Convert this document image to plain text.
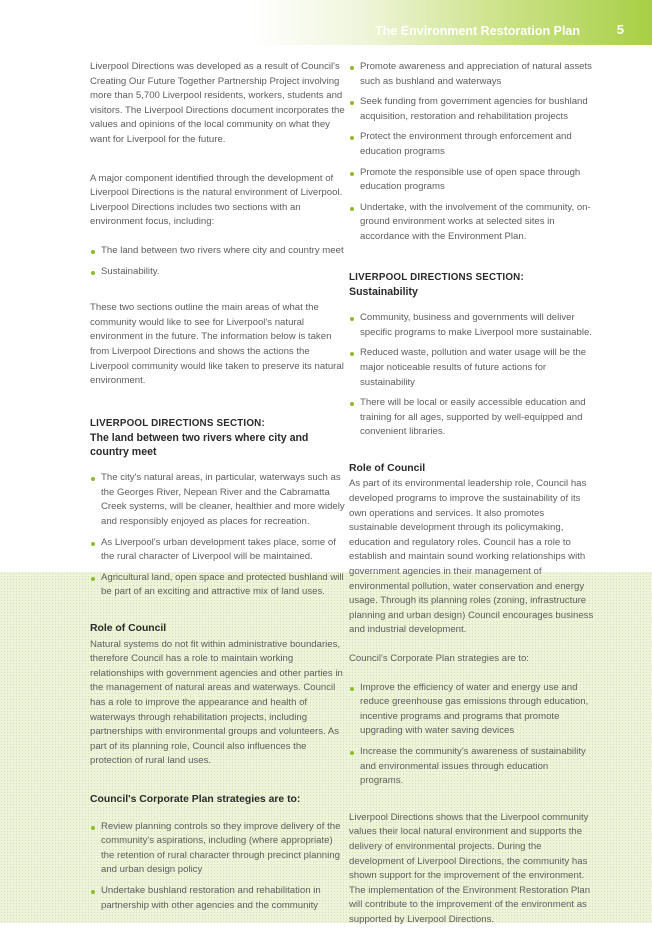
The Environment Restoration Plan	5

Liverpool Directions was developed as a result of Council's Creating Our Future Together Partnership Project involving more than 5,700 Liverpool residents, workers, students and visitors. The Liverpool Directions document incorporates the values and opinions of the local community on what they want for Liverpool for the future.

A major component identified through the development of Liverpool Directions is the natural environment of Liverpool. Liverpool Directions includes two sections with an environment focus, including:

The land between two rivers where city and country meet
Sustainability.

These two sections outline the main areas of what the community would like to see for Liverpool's natural environment in the future. The information below is taken from Liverpool Directions and shows the actions the Liverpool community would like taken to preserve its natural environment.

LIVERPOOL DIRECTIONS SECTION:
The land between two rivers where city and country meet
The city's natural areas, in particular, waterways such as the Georges River, Nepean River and the Cabramatta Creek systems, will be cleaner, healthier and more widely and responsibly enjoyed as places for recreation.
As Liverpool's urban development takes place, some of the rural character of Liverpool will be maintained.
Agricultural land, open space and protected bushland will be part of an exciting and attractive mix of land uses.
Role of Council

Natural systems do not fit within administrative boundaries, therefore Council has a role to maintain working relationships with government agencies and other parties in the management of natural areas and waterways. Council has a role to improve the appearance and health of waterways through rehabilitation projects, including partnerships with environmental groups and volunteers. As part of its planning role, Council also influences the protection of rural land uses.

Council's Corporate Plan strategies are to:
Review planning controls so they improve delivery of the community's aspirations, including (where appropriate) the retention of rural character through precinct planning and urban design policy
Undertake bushland restoration and rehabilitation in partnership with other agencies and the community
Promote awareness and appreciation of natural assets such as bushland and waterways
Seek funding from government agencies for bushland acquisition, restoration and rehabilitation projects
Protect the environment through enforcement and education programs
Promote the responsible use of open space through education programs
Undertake, with the involvement of the community, on-ground environment works at selected sites in accordance with the Environment Plan.
LIVERPOOL DIRECTIONS SECTION:
Sustainability
Community, business and governments will deliver specific programs to make Liverpool more sustainable.
Reduced waste, pollution and water usage will be the major noticeable results of future actions for sustainability
There will be local or easily accessible education and training for all ages, supported by well-equipped and convenient libraries.
Role of Council

As part of its environmental leadership role, Council has developed programs to improve the sustainability of its own operations and services. It also promotes sustainable development through its policymaking, education and regulatory roles. Council has a role to establish and maintain sound working relationships with government agencies in their management of environmental pollution, water conservation and energy usage. Through its planning roles (zoning, infrastructure planning and urban design) Council encourages business and industrial development.

Council's Corporate Plan strategies are to:

Improve the efficiency of water and energy use and reduce greenhouse gas emissions through education, incentive programs and programs that promote upgrading with water saving devices
Increase the community's awareness of sustainability and environmental issues through education programs.

Liverpool Directions shows that the Liverpool community values their local natural environment and supports the delivery of environmental projects. During the development of Liverpool Directions, the community has shown support for the improvement of the environment. The implementation of the Environment Restoration Plan will contribute to the improvement of the environment as supported by Liverpool Directions.
